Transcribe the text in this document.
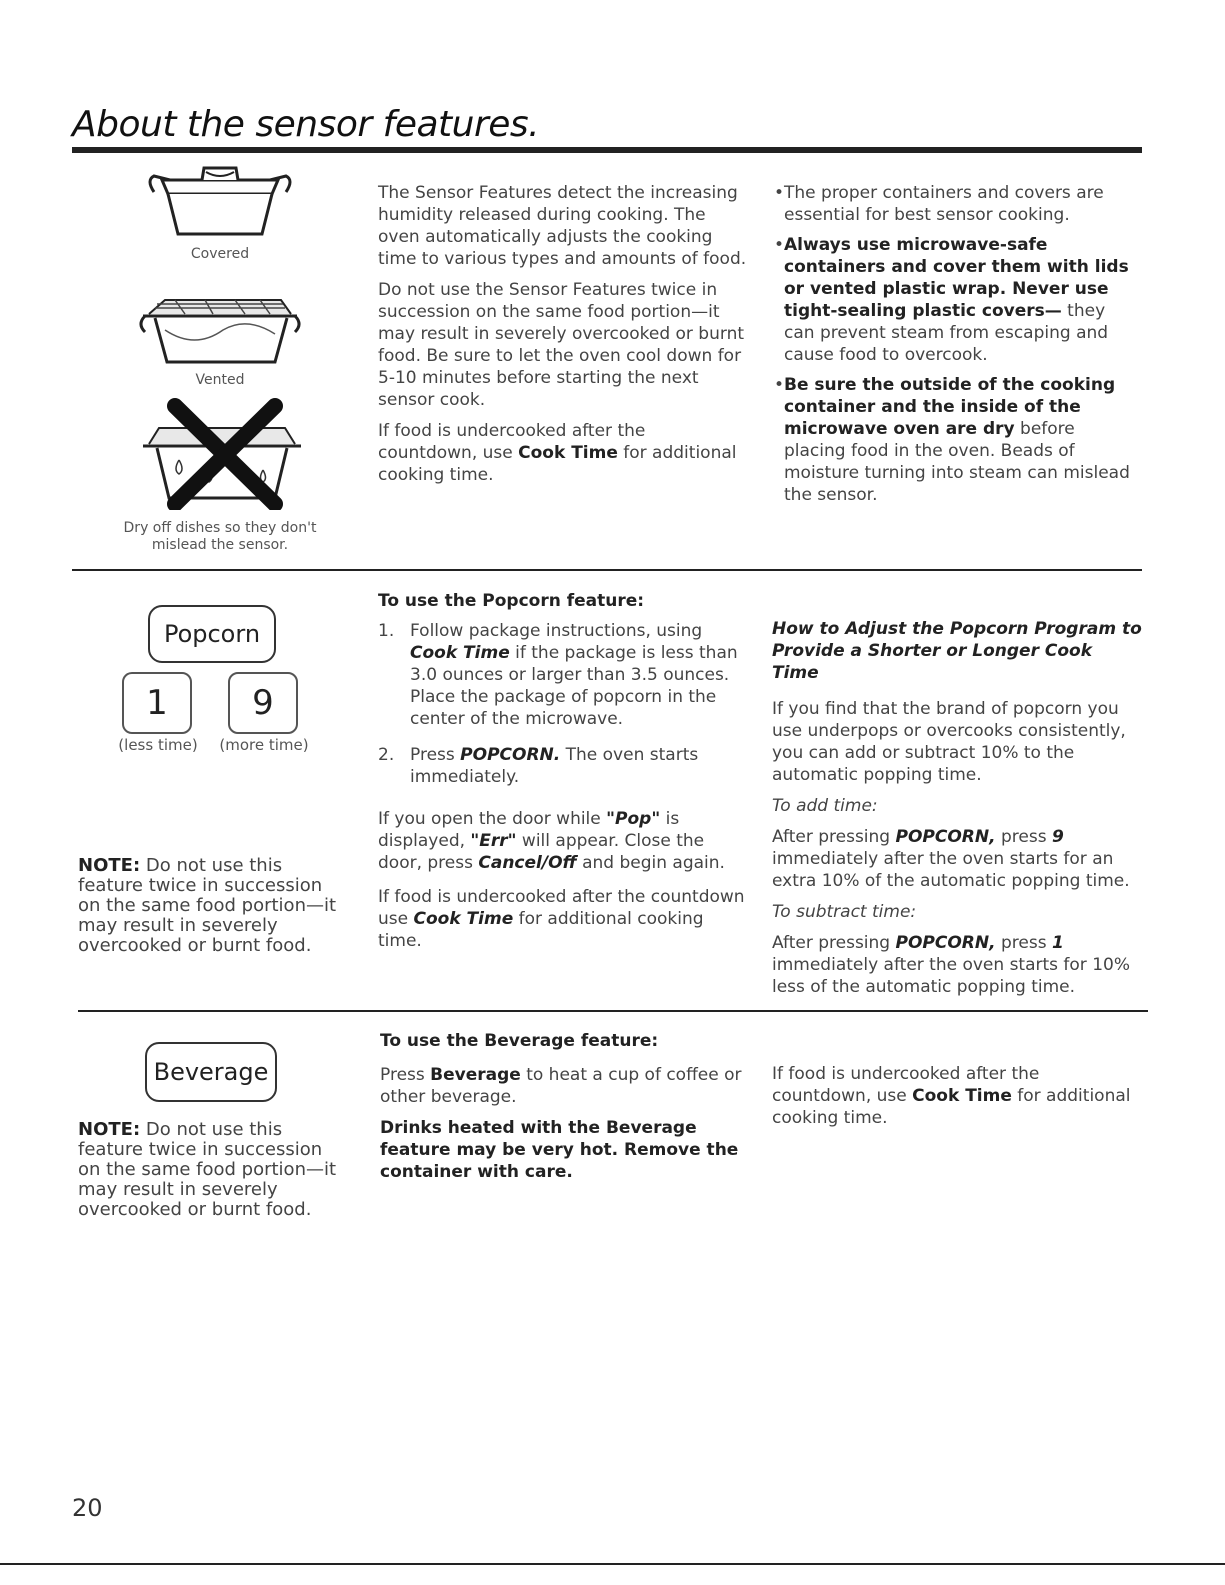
About the sensor features.
Covered
Vented
Dry off dishes so they don't
mislead the sensor.

The Sensor Features detect the increasing humidity released during cooking. The oven automatically adjusts the cooking time to various types and amounts of food.

Do not use the Sensor Features twice in succession on the same food portion—it may result in severely overcooked or burnt food. Be sure to let the oven cool down for 5-10 minutes before starting the next sensor cook.

If food is undercooked after the countdown, use Cook Time for additional cooking time.

• The proper containers and covers are essential for best sensor cooking.
• Always use microwave-safe containers and cover them with lids or vented plastic wrap. Never use tight-sealing plastic covers— they can prevent steam from escaping and cause food to overcook.
• Be sure the outside of the cooking container and the inside of the microwave oven are dry before placing food in the oven. Beads of moisture turning into steam can mislead the sensor.
Popcorn
1 9
(less time)	(more time)
NOTE: Do not use this feature twice in succession on the same food portion—it may result in severely overcooked or burnt food.
To use the Popcorn feature:
1. Follow package instructions, using Cook Time if the package is less than 3.0 ounces or larger than 3.5 ounces. Place the package of popcorn in the center of the microwave.
2. Press POPCORN. The oven starts immediately.

If you open the door while "Pop" is displayed, "Err" will appear. Close the door, press Cancel/Off and begin again.

If food is undercooked after the countdown use Cook Time for additional cooking time.

How to Adjust the Popcorn Program to Provide a Shorter or Longer Cook Time

If you find that the brand of popcorn you use underpops or overcooks consistently, you can add or subtract 10% to the automatic popping time.

To add time:

After pressing POPCORN, press 9 immediately after the oven starts for an extra 10% of the automatic popping time.

To subtract time:

After pressing POPCORN, press 1 immediately after the oven starts for 10% less of the automatic popping time.

Beverage
NOTE: Do not use this feature twice in succession on the same food portion—it may result in severely overcooked or burnt food.
To use the Beverage feature:

Press Beverage to heat a cup of coffee or other beverage.

Drinks heated with the Beverage feature may be very hot. Remove the container with care.

If food is undercooked after the countdown, use Cook Time for additional cooking time.
20
